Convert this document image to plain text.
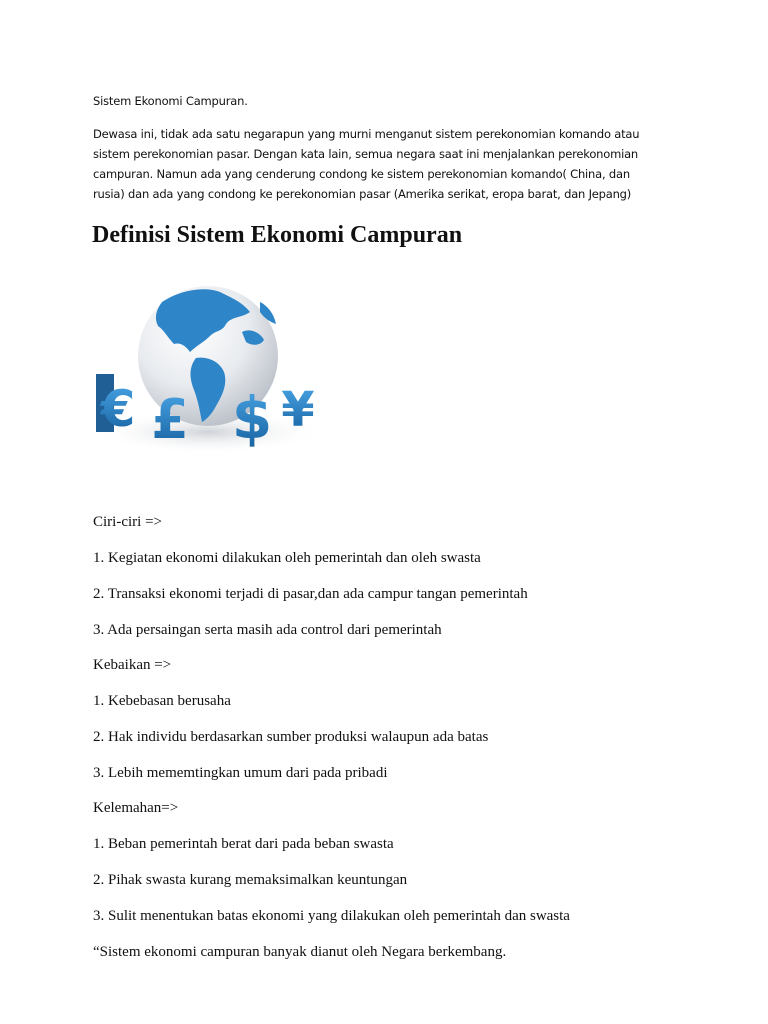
Sistem Ekonomi Campuran.
Dewasa ini, tidak ada satu negarapun yang murni menganut sistem perekonomian komando atau
sistem perekonomian pasar. Dengan kata lain, semua negara saat ini menjalankan perekonomian
campuran. Namun ada yang cenderung condong ke sistem perekonomian komando( China, dan
rusia) dan ada yang condong ke perekonomian pasar (Amerika serikat, eropa barat, dan Jepang)
Definisi Sistem Ekonomi Campuran
€ £ $ ¥
Ciri-ciri =>
1. Kegiatan ekonomi dilakukan oleh pemerintah dan oleh swasta
2. Transaksi ekonomi terjadi di pasar,dan ada campur tangan pemerintah
3. Ada persaingan serta masih ada control dari pemerintah
Kebaikan =>
1. Kebebasan berusaha
2. Hak individu berdasarkan sumber produksi walaupun ada batas
3. Lebih mememtingkan umum dari pada pribadi
Kelemahan=>
1. Beban pemerintah berat dari pada beban swasta
2. Pihak swasta kurang memaksimalkan keuntungan
3. Sulit menentukan batas ekonomi yang dilakukan oleh pemerintah dan swasta
“Sistem ekonomi campuran banyak dianut oleh Negara berkembang.
